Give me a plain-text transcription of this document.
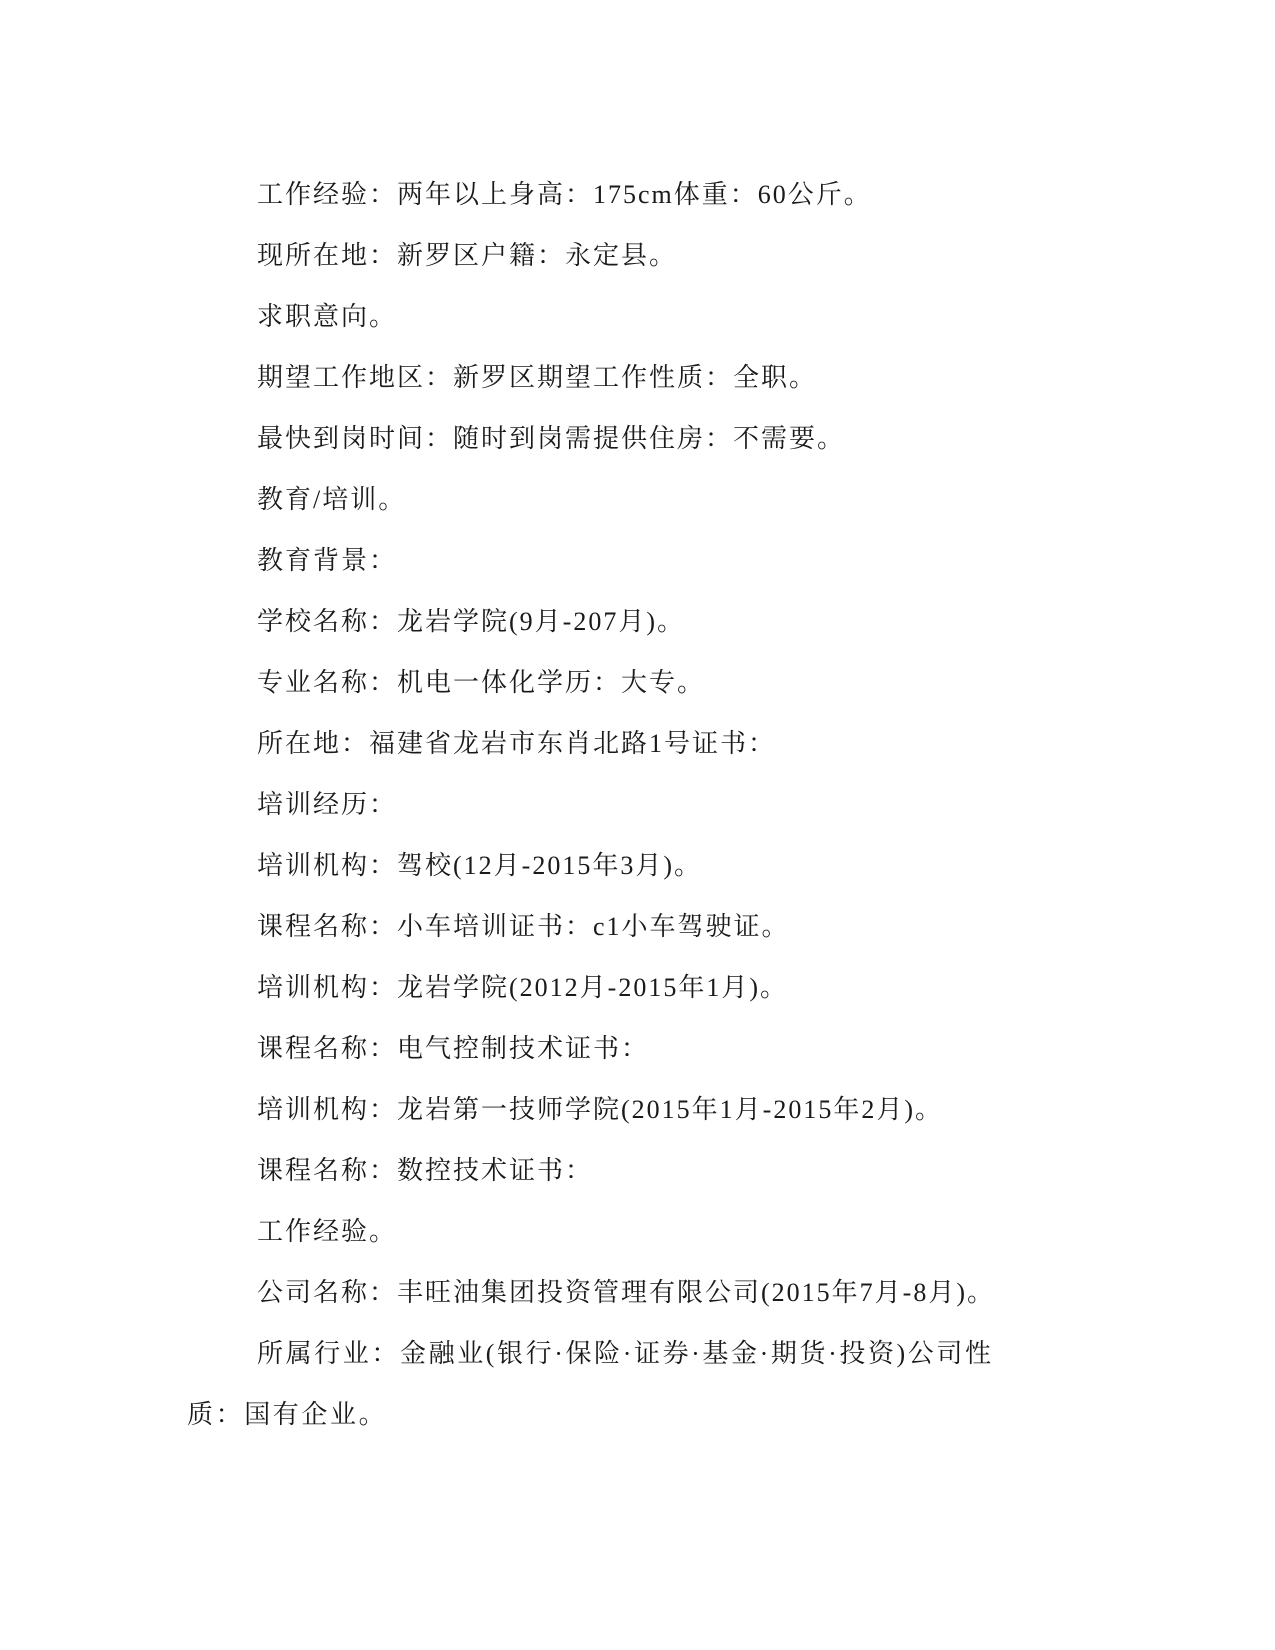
工作经验：两年以上身高：175cm体重：60公斤。

现所在地：新罗区户籍：永定县。

求职意向。

期望工作地区：新罗区期望工作性质：全职。

最快到岗时间：随时到岗需提供住房：不需要。

教育/培训。

教育背景：

学校名称：龙岩学院(9月-207月)。

专业名称：机电一体化学历：大专。

所在地：福建省龙岩市东肖北路1号证书：

培训经历：

培训机构：驾校(12月-2015年3月)。

课程名称：小车培训证书：c1小车驾驶证。

培训机构：龙岩学院(2012月-2015年1月)。

课程名称：电气控制技术证书：

培训机构：龙岩第一技师学院(2015年1月-2015年2月)。

课程名称：数控技术证书：

工作经验。

公司名称：丰旺油集团投资管理有限公司(2015年7月-8月)。

所属行业：金融业(银行·保险·证券·基金·期货·投资)公司性质：国有企业。
